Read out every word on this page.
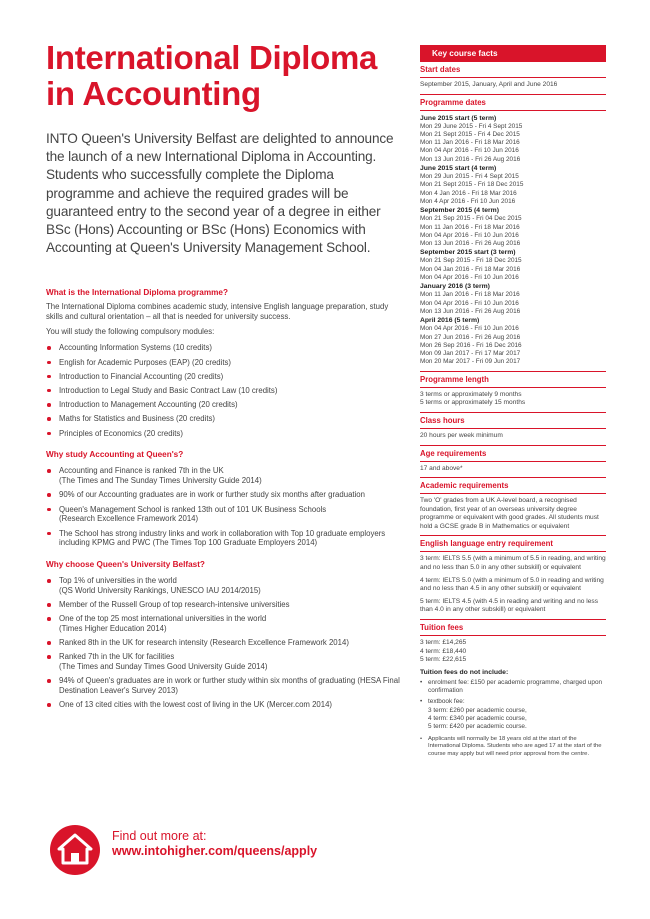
International Diploma
in Accounting

INTO Queen's University Belfast are delighted to announce the launch of a new International Diploma in Accounting. Students who successfully complete the Diploma programme and achieve the required grades will be guaranteed entry to the second year of a degree in either BSc (Hons) Accounting or BSc (Hons) Economics with Accounting at Queen's University Management School.

What is the International Diploma programme?

The International Diploma combines academic study, intensive English language preparation, study skills and cultural orientation – all that is needed for university success.

You will study the following compulsory modules:

Accounting Information Systems (10 credits)
English for Academic Purposes (EAP) (20 credits)
Introduction to Financial Accounting (20 credits)
Introduction to Legal Study and Basic Contract Law (10 credits)
Introduction to Management Accounting (20 credits)
Maths for Statistics and Business (20 credits)
Principles of Economics (20 credits)
Why study Accounting at Queen's?
Accounting and Finance is ranked 7th in the UK
(The Times and The Sunday Times University Guide 2014)
90% of our Accounting graduates are in work or further study six months after graduation
Queen's Management School is ranked 13th out of 101 UK Business Schools
(Research Excellence Framework 2014)
The School has strong industry links and work in collaboration with Top 10 graduate employers including KPMG and PWC (The Times Top 100 Graduate Employers 2014)
Why choose Queen's University Belfast?
Top 1% of universities in the world
(QS World University Rankings, UNESCO IAU 2014/2015)
Member of the Russell Group of top research-intensive universities
One of the top 25 most international universities in the world
(Times Higher Education 2014)
Ranked 8th in the UK for research intensity (Research Excellence Framework 2014)
Ranked 7th in the UK for facilities
(The Times and Sunday Times Good University Guide 2014)
94% of Queen's graduates are in work or further study within six months of graduating (HESA Final Destination Leaver's Survey 2013)
One of 13 cited cities with the lowest cost of living in the UK (Mercer.com 2014)
Find out more at:
www.intohigher.com/queens/apply
Key course facts
Start dates
September 2015, January, April and June 2016
Programme dates
June 2015 start (5 term)
Mon 29 June 2015 - Fri 4 Sept 2015
Mon 21 Sept 2015 - Fri 4 Dec 2015
Mon 11 Jan 2016 - Fri 18 Mar 2016
Mon 04 Apr 2016 - Fri 10 Jun 2016
Mon 13 Jun 2016 - Fri 26 Aug 2016
June 2015 start (4 term)
Mon 29 Jun 2015 - Fri 4 Sept 2015
Mon 21 Sept 2015 - Fri 18 Dec 2015
Mon 4 Jan 2016 - Fri 18 Mar 2016
Mon 4 Apr 2016 - Fri 10 Jun 2016
September 2015 (4 term)
Mon 21 Sep 2015 - Fri 04 Dec 2015
Mon 11 Jan 2016 - Fri 18 Mar 2016
Mon 04 Apr 2016 - Fri 10 Jun 2016
Mon 13 Jun 2016 - Fri 26 Aug 2016
September 2015 start (3 term)
Mon 21 Sep 2015 - Fri 18 Dec 2015
Mon 04 Jan 2016 - Fri 18 Mar 2016
Mon 04 Apr 2016 - Fri 10 Jun 2016
January 2016 (3 term)
Mon 11 Jan 2016 - Fri 18 Mar 2016
Mon 04 Apr 2016 - Fri 10 Jun 2016
Mon 13 Jun 2016 - Fri 26 Aug 2016
April 2016 (5 term)
Mon 04 Apr 2016 - Fri 10 Jun 2016
Mon 27 Jun 2016 - Fri 26 Aug 2016
Mon 26 Sep 2016 - Fri 16 Dec 2016
Mon 09 Jan 2017 - Fri 17 Mar 2017
Mon 20 Mar 2017 - Fri 09 Jun 2017
Programme length
3 terms or approximately 9 months
5 terms or approximately 15 months
Class hours
20 hours per week minimum
Age requirements
17 and above*
Academic requirements
Two 'O' grades from a UK A-level board, a recognised foundation, first year of an overseas university degree programme or equivalent with good grades. All students must hold a GCSE grade B in Mathematics or equivalent
English language entry requirement
3 term: IELTS 5.5 (with a minimum of 5.5 in reading, and writing and no less than 5.0 in any other subskill) or equivalent
4 term: IELTS 5.0 (with a minimum of 5.0 in reading and writing and no less than 4.5 in any other subskill) or equivalent
5 term: IELTS 4.5 (with 4.5 in reading and writing and no less than 4.0 in any other subskill) or equivalent
Tuition fees
3 term: £14,265
4 term: £18,440
5 term: £22,615
Tuition fees do not include:
• enrolment fee: £150 per academic programme, charged upon confirmation
• textbook fee:
3 term: £260 per academic course,
4 term: £340 per academic course,
5 term: £420 per academic course.
• Applicants will normally be 18 years old at the start of the International Diploma. Students who are aged 17 at the start of the course may apply but will need prior approval from the centre.
